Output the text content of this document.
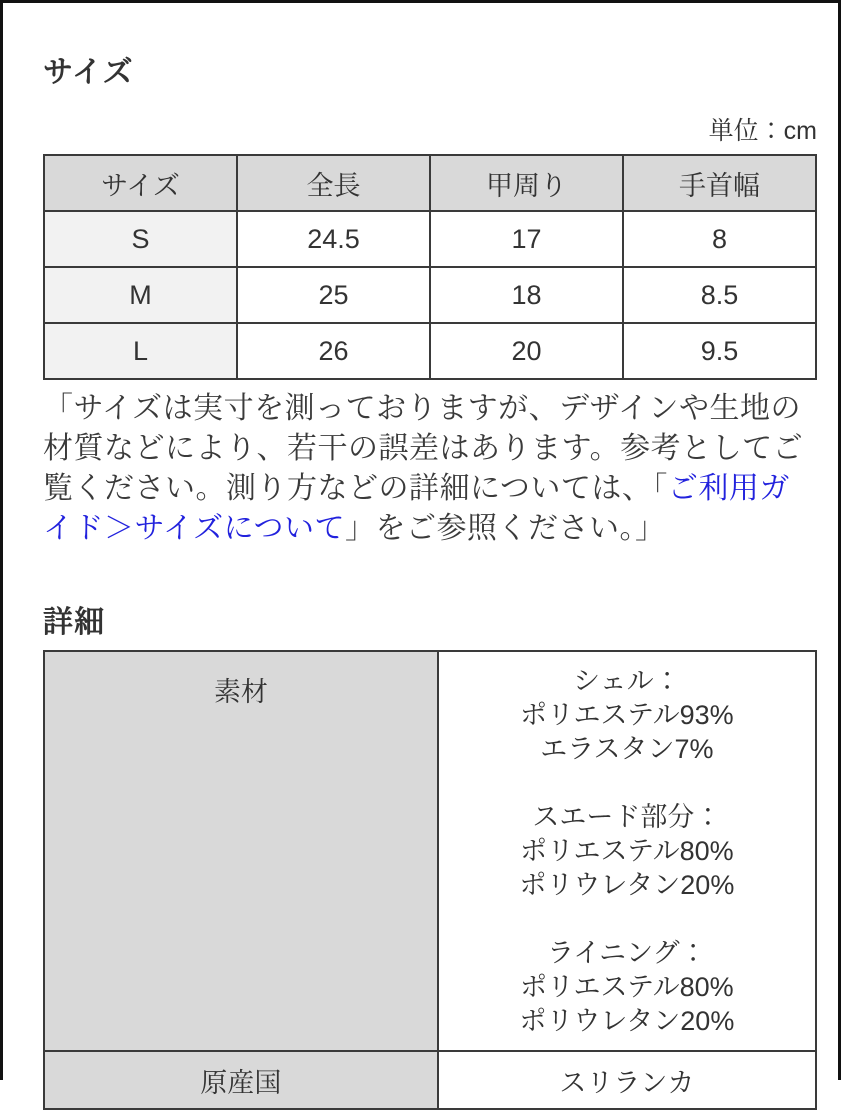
サイズ
単位：cm
サイズ	全長	甲周り	手首幅
S	24.5	17	8
M	25	18	8.5
L	26	20	9.5

「サイズは実寸を測っておりますが、デザインや生地の材質などにより、若干の誤差はあります。参考としてご覧ください。測り方などの詳細については、「ご利用ガイド＞サイズについて」をご参照ください。」

詳細
素材	シェル：
ポリエステル93%
エラスタン7%
スエード部分：
ポリエステル80%
ポリウレタン20%
ライニング：
ポリエステル80%
ポリウレタン20%

原産国	スリランカ
